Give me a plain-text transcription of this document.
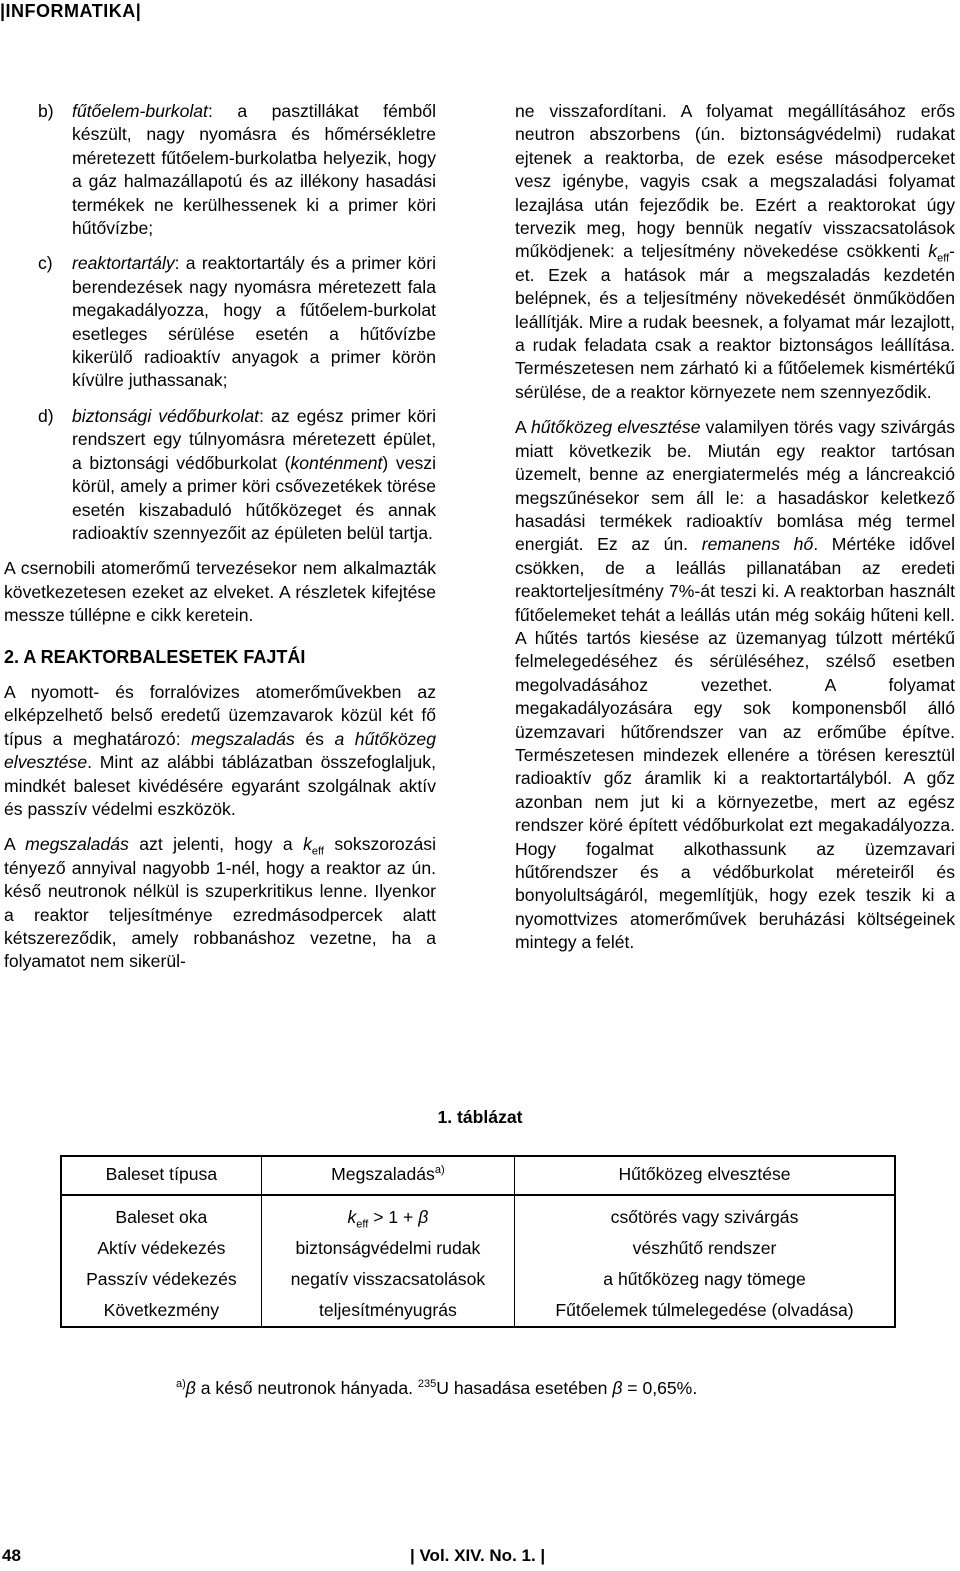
|INFORMATIKA|
b)	fűtőelem-burkolat: a pasztillákat fémből készült, nagy nyomásra és hőmérsékletre méretezett fűtőelem-burkolatba helyezik, hogy a gáz halmazállapotú és az illékony hasadási termékek ne kerülhessenek ki a primer köri hűtővízbe;
c)	reaktortartály: a reaktortartály és a primer köri berendezések nagy nyomásra méretezett fala megakadályozza, hogy a fűtőelem-burkolat esetleges sérülése esetén a hűtővízbe kikerülő radioaktív anyagok a primer körön kívülre juthassanak;
d)	biztonsági védőburkolat: az egész primer köri rendszert egy túlnyomásra méretezett épület, a biztonsági védőburkolat (konténment) veszi körül, amely a primer köri csővezetékek törése esetén kiszabaduló hűtőközeget és annak radioaktív szennyezőit az épületen belül tartja.

A csernobili atomerőmű tervezésekor nem alkalmazták következetesen ezeket az elveket. A részletek kifejtése messze túllépne e cikk keretein.

2. A REAKTORBALESETEK FAJTÁI

A nyomott- és forralóvizes atomerőművekben az elképzelhető belső eredetű üzemzavarok közül két fő típus a meghatározó: megszaladás és a hűtőközeg elvesztése. Mint az alábbi táblázatban összefoglaljuk, mindkét baleset kivédésére egyaránt szolgálnak aktív és passzív védelmi eszközök.

A megszaladás azt jelenti, hogy a $k_{eff}$ sokszorozási tényező annyival nagyobb 1-nél, hogy a reaktor az ún. késő neutronok nélkül is szuperkritikus lenne. Ilyenkor a reaktor teljesítménye ezredmásodpercek alatt kétszereződik, amely robbanáshoz vezetne, ha a folyamatot nem sikerül-

ne visszafordítani. A folyamat megállításához erős neutron abszorbens (ún. biztonságvédelmi) rudakat ejtenek a reaktorba, de ezek esése másodperceket vesz igénybe, vagyis csak a megszaladási folyamat lezajlása után fejeződik be. Ezért a reaktorokat úgy tervezik meg, hogy bennük negatív visszacsatolások működjenek: a teljesítmény növekedése csökkenti $k_{eff}-et$. Ezek a hatások már a megszaladás kezdetén belépnek, és a teljesítmény növekedését önműködően leállítják. Mire a rudak beesnek, a folyamat már lezajlott, a rudak feladata csak a reaktor biztonságos leállítása. Természetesen nem zárható ki a fűtőelemek kismértékű sérülése, de a reaktor környezete nem szennyeződik.

A hűtőközeg elvesztése valamilyen törés vagy szivárgás miatt következik be. Miután egy reaktor tartósan üzemelt, benne az energiatermelés még a láncreakció megszűnésekor sem áll le: a hasadáskor keletkező hasadási termékek radioaktív bomlása még termel energiát. Ez az ún. remanens hő. Mértéke idővel csökken, de a leállás pillanatában az eredeti reaktorteljesítmény 7%-át teszi ki. A reaktorban használt fűtőelemeket tehát a leállás után még sokáig hűteni kell. A hűtés tartós kiesése az üzemanyag túlzott mértékű felmelegedéséhez és sérüléséhez, szélső esetben megolvadásához vezethet. A folyamat megakadályozására egy sok komponensből álló üzemzavari hűtőrendszer van az erőműbe építve. Természetesen mindezek ellenére a törésen keresztül radioaktív gőz áramlik ki a reaktortartályból. A gőz azonban nem jut ki a környezetbe, mert az egész rendszer köré épített védőburkolat ezt megakadályozza. Hogy fogalmat alkothassunk az üzemzavari hűtőrendszer és a védőburkolat méreteiről és bonyolultságáról, megemlítjük, hogy ezek teszik ki a nyomottvizes atomerőművek beruházási költségeinek mintegy a felét.

1. táblázat
Baleset típusa	Megszaladás$^{a)}$	Hűtőközeg elvesztése
Baleset oka	$k_{eff} > 1 + \beta$	csőtörés vagy szivárgás
Aktív védekezés	biztonságvédelmi rudak	vészhűtő rendszer
Passzív védekezés	negatív visszacsatolások	a hűtőközeg nagy tömege
Következmény	teljesítményugrás	Fűtőelemek túlmelegedése (olvadása)
$^{a)}$β a késő neutronok hányada. $^{235}$U hasadása esetében β = 0,65%.
48	| Vol. XIV. No. 1. |
